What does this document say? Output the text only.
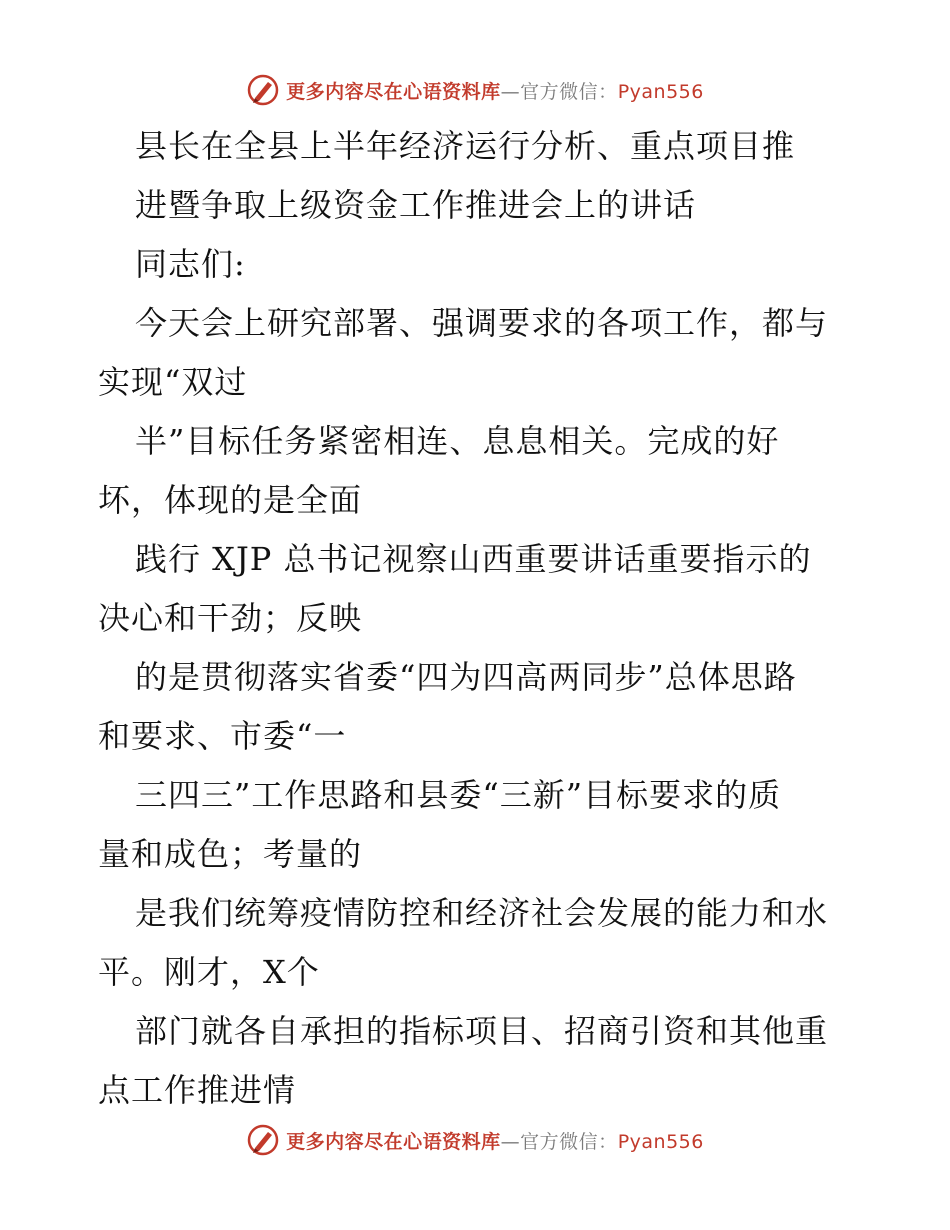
更多内容尽在心语资料库—官方微信：Pyan556
县长在全县上半年经济运行分析、重点项目推
进暨争取上级资金工作推进会上的讲话
同志们:
今天会上研究部署、强调要求的各项工作，都与
实现“双过
半”目标任务紧密相连、息息相关。完成的好
坏，体现的是全面
践行 XJP 总书记视察山西重要讲话重要指示的
决心和干劲；反映
的是贯彻落实省委“四为四高两同步”总体思路
和要求、市委“一
三四三”工作思路和县委“三新”目标要求的质
量和成色；考量的
是我们统筹疫情防控和经济社会发展的能力和水
平。刚才，X个
部门就各自承担的指标项目、招商引资和其他重
点工作推进情
更多内容尽在心语资料库—官方微信：Pyan556
